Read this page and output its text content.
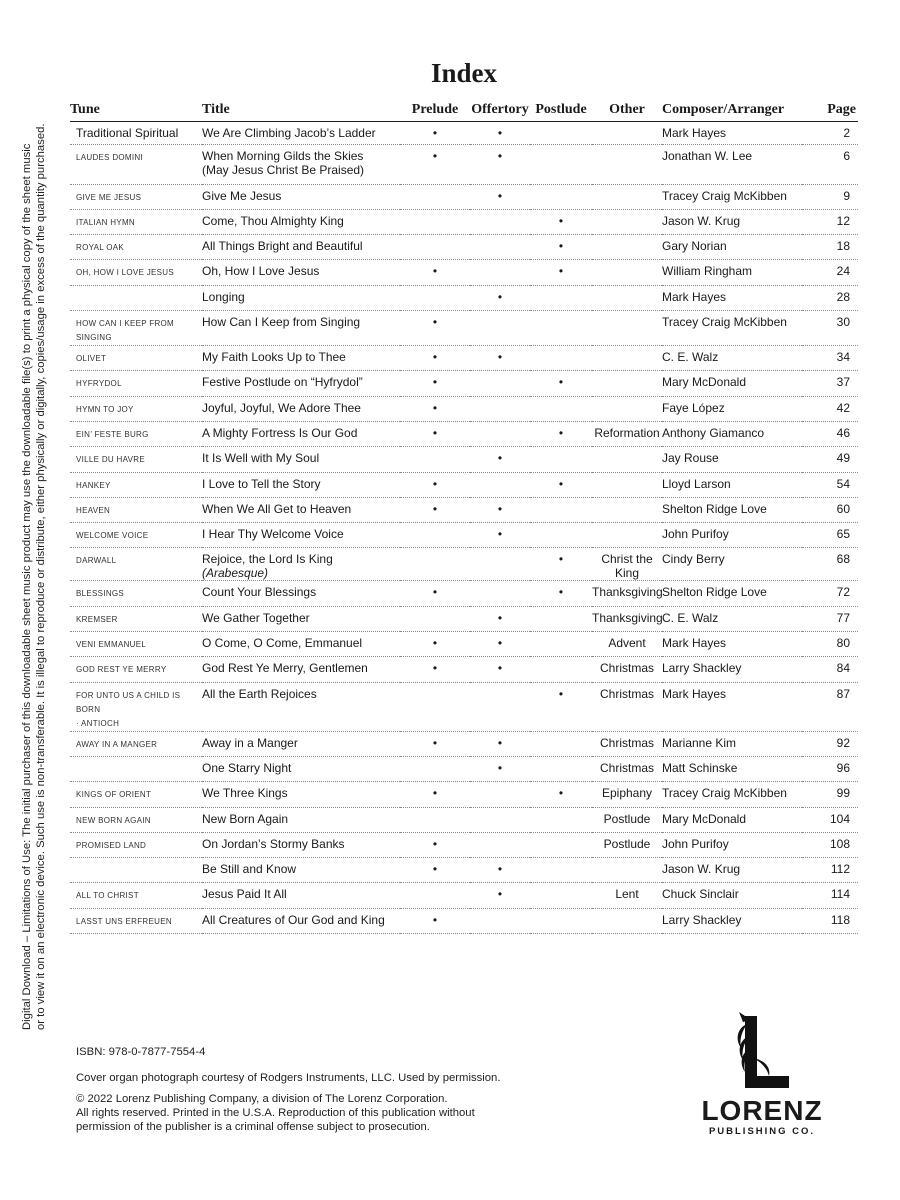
Digital Download – Limitations of Use: The initial purchaser of this downloadable sheet music product may use the downloadable file(s) to print a physical copy of the sheet music or to view it on an electronic device. Such use is non-transferable. It is illegal to reproduce or distribute, either physically or digitally, copies/usage in excess of the quantity purchased.
Index
Tune	Title	Prelude	Offertory	Postlude	Other	Composer/Arranger	Page

Traditional Spiritual	We Are Climbing Jacob’s Ladder	•	•			Mark Hayes	2

LAUDES DOMINI	When Morning Gilds the Skies
(May Jesus Christ Be Praised)	•	•			Jonathan W. Lee	6

GIVE ME JESUS	Give Me Jesus		•			Tracey Craig McKibben	9

ITALIAN HYMN	Come, Thou Almighty King			•		Jason W. Krug	12

ROYAL OAK	All Things Bright and Beautiful			•		Gary Norian	18

OH, HOW I LOVE JESUS	Oh, How I Love Jesus	•		•		William Ringham	24

	Longing		•			Mark Hayes	28

HOW CAN I KEEP FROM SINGING	How Can I Keep from Singing	•				Tracey Craig McKibben	30

OLIVET	My Faith Looks Up to Thee	•	•			C. E. Walz	34

HYFRYDOL	Festive Postlude on “Hyfrydol”	•		•		Mary McDonald	37

HYMN TO JOY	Joyful, Joyful, We Adore Thee	•				Faye López	42

EIN’ FESTE BURG	A Mighty Fortress Is Our God	•		•	Reformation	Anthony Giamanco	46

VILLE DU HAVRE	It Is Well with My Soul		•			Jay Rouse	49

HANKEY	I Love to Tell the Story	•		•		Lloyd Larson	54

HEAVEN	When We All Get to Heaven	•	•			Shelton Ridge Love	60

WELCOME VOICE	I Hear Thy Welcome Voice		•			John Purifoy	65

DARWALL	Rejoice, the Lord Is King (Arabesque)			•	Christ the King	Cindy Berry	68

BLESSINGS	Count Your Blessings	•		•	Thanksgiving	Shelton Ridge Love	72

KREMSER	We Gather Together		•		Thanksgiving	C. E. Walz	77

VENI EMMANUEL	O Come, O Come, Emmanuel	•	•		Advent	Mark Hayes	80

GOD REST YE MERRY	God Rest Ye Merry, Gentlemen	•	•		Christmas	Larry Shackley	84

FOR UNTO US A CHILD IS BORN
· ANTIOCH	All the Earth Rejoices			•	Christmas	Mark Hayes	87

AWAY IN A MANGER	Away in a Manger	•	•		Christmas	Marianne Kim	92

	One Starry Night		•		Christmas	Matt Schinske	96

KINGS OF ORIENT	We Three Kings	•		•	Epiphany	Tracey Craig McKibben	99

NEW BORN AGAIN	New Born Again				Postlude	Mary McDonald	104

PROMISED LAND	On Jordan’s Stormy Banks	•			Postlude	John Purifoy	108

	Be Still and Know	•	•			Jason W. Krug	112

ALL TO CHRIST	Jesus Paid It All		•		Lent	Chuck Sinclair	114

LASST UNS ERFREUEN	All Creatures of Our God and King	•				Larry Shackley	118
ISBN: 978-0-7877-7554-4
Cover organ photograph courtesy of Rodgers Instruments, LLC. Used by permission.

© 2022 Lorenz Publishing Company, a division of The Lorenz Corporation.

All rights reserved. Printed in the U.S.A. Reproduction of this publication without

permission of the publisher is a criminal offense subject to prosecution.

LORENZ
PUBLISHING CO.
